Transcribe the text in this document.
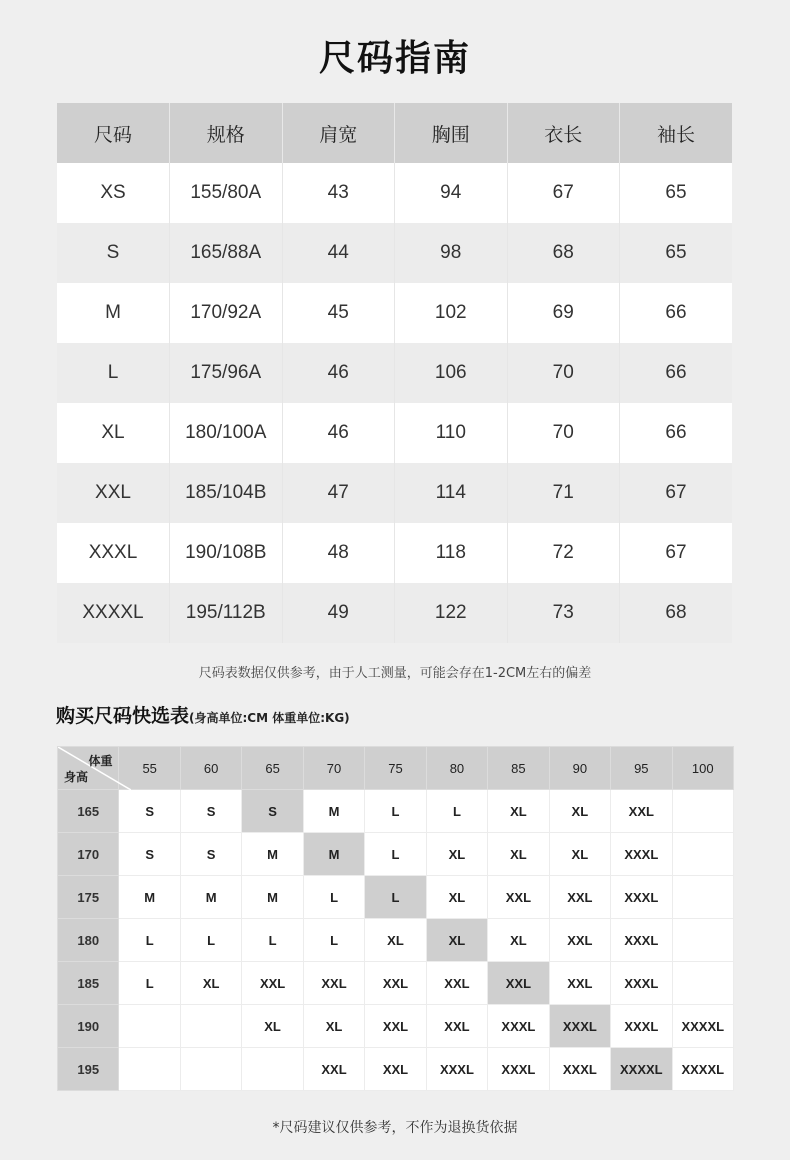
尺码指南
尺码	规格	肩宽	胸围	衣长	袖长
XS	155/80A	43	94	67	65
S	165/88A	44	98	68	65
M	170/92A	45	102	69	66
L	175/96A	46	106	70	66
XL	180/100A	46	110	70	66
XXL	185/104B	47	114	71	67
XXXL	190/108B	48	118	72	67
XXXXL	195/112B	49	122	73	68
尺码表数据仅供参考，由于人工测量，可能会存在1-2CM左右的偏差
购买尺码快选表(身高单位:CM 体重单位:KG)
体重
身高	55	60	65	70	75	80	85	90	95	100
165	S	S	S	M	L	L	XL	XL	XXL	
170	S	S	M	M	L	XL	XL	XL	XXXL	
175	M	M	M	L	L	XL	XXL	XXL	XXXL	
180	L	L	L	L	XL	XL	XL	XXL	XXXL	
185	L	XL	XXL	XXL	XXL	XXL	XXL	XXL	XXXL	
190			XL	XL	XXL	XXL	XXXL	XXXL	XXXL	XXXXL
195				XXL	XXL	XXXL	XXXL	XXXL	XXXXL	XXXXL
*尺码建议仅供参考，不作为退换货依据
